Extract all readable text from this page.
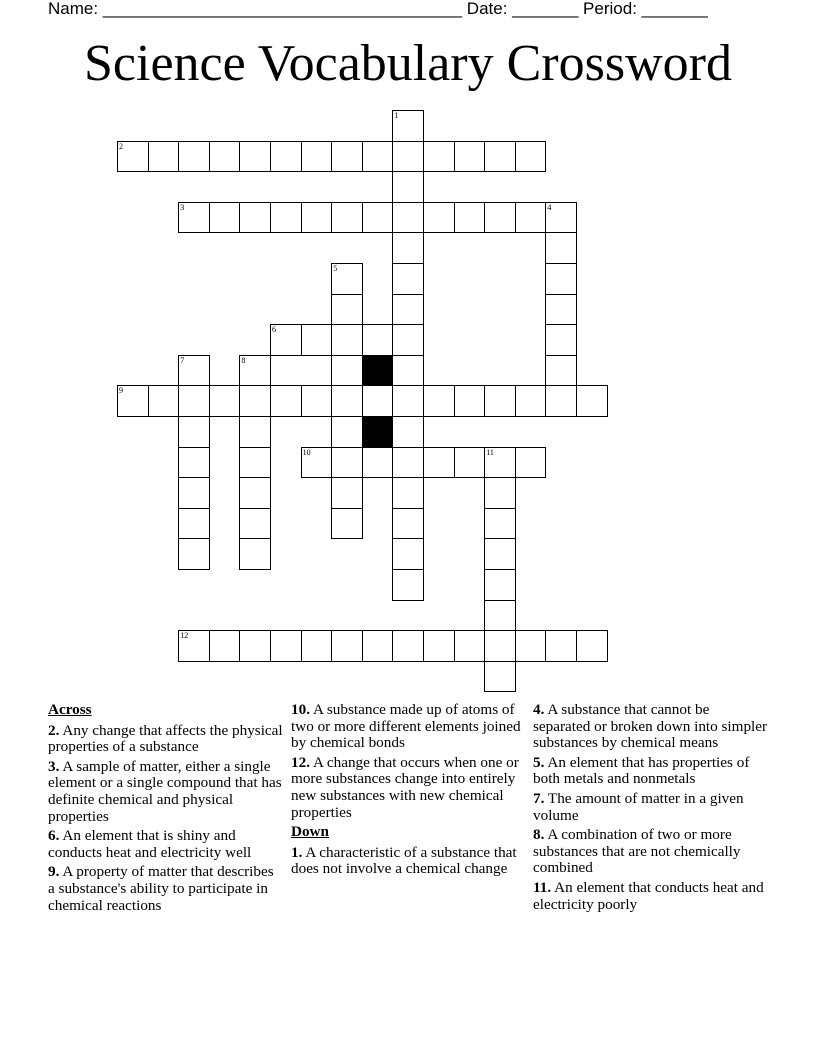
Name: ______________________________________ Date: _______ Period: _______
Science Vocabulary Crossword
1
2
3	4
5
6
7	8
9
10	11
12
Across
2. Any change that affects the physical properties of a substance
3. A sample of matter, either a single element or a single compound that has definite chemical and physical properties
6. An element that is shiny and conducts heat and electricity well
9. A property of matter that describes a substance's ability to participate in chemical reactions
10. A substance made up of atoms of two or more different elements joined by chemical bonds
12. A change that occurs when one or more substances change into entirely new substances with new chemical properties
Down
1. A characteristic of a substance that does not involve a chemical change
4. A substance that cannot be separated or broken down into simpler substances by chemical means
5. An element that has properties of both metals and nonmetals
7. The amount of matter in a given volume
8. A combination of two or more substances that are not chemically combined
11. An element that conducts heat and electricity poorly
